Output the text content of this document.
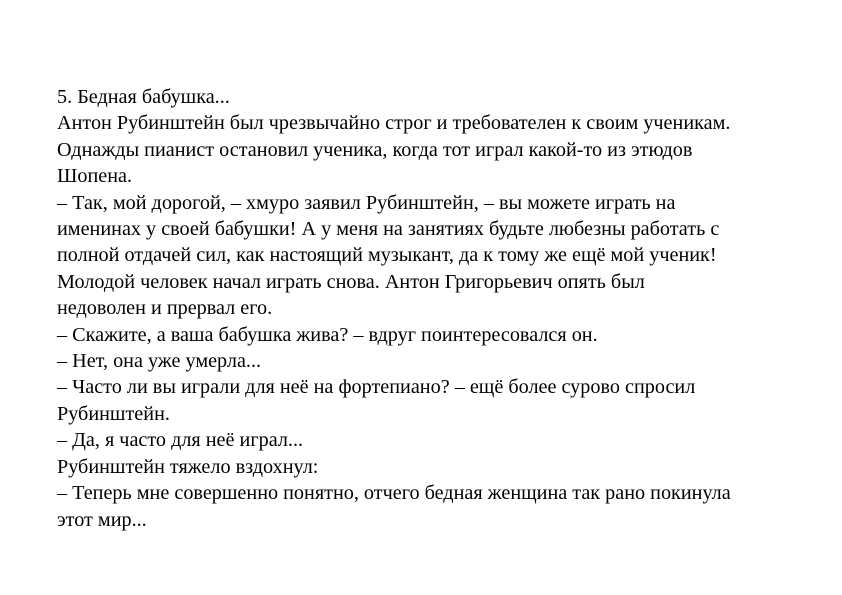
5. Бедная бабушка...
Антон Рубинштейн был чрезвычайно строг и требователен к своим ученикам.
Однажды пианист остановил ученика, когда тот играл какой-то из этюдов
Шопена.
– Так, мой дорогой, – хмуро заявил Рубинштейн, – вы можете играть на
именинах у своей бабушки! А у меня на занятиях будьте любезны работать с
полной отдачей сил, как настоящий музыкант, да к тому же ещё мой ученик!
Молодой человек начал играть снова. Антон Григорьевич опять был
недоволен и прервал его.
– Скажите, а ваша бабушка жива? – вдруг поинтересовался он.
– Нет, она уже умерла...
– Часто ли вы играли для неё на фортепиано? – ещё более сурово спросил
Рубинштейн.
– Да, я часто для неё играл...
Рубинштейн тяжело вздохнул:
– Теперь мне совершенно понятно, отчего бедная женщина так рано покинула
этот мир...
